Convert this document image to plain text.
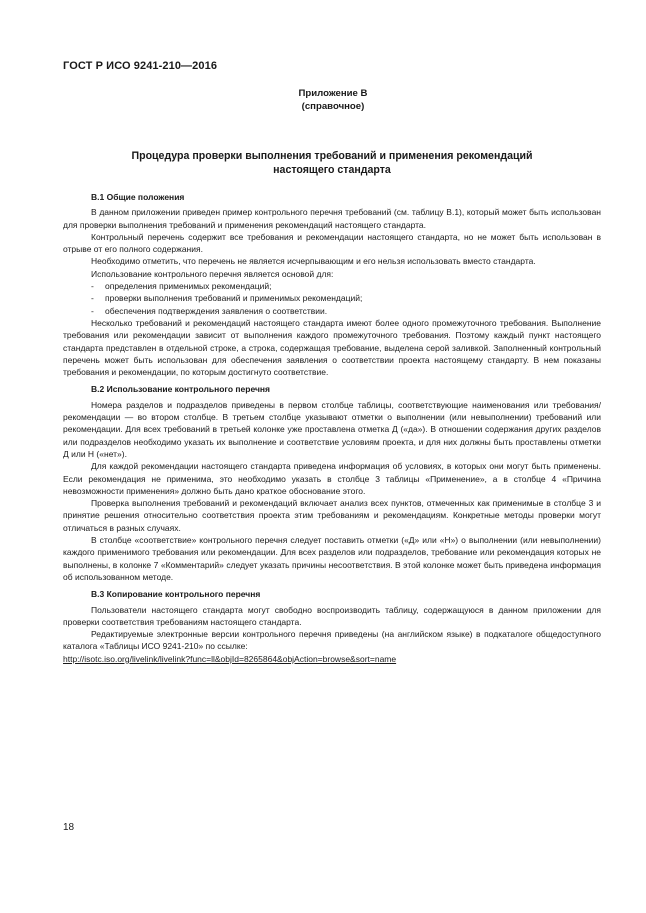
ГОСТ Р ИСО 9241-210—2016
Приложение В
(справочное)
Процедура проверки выполнения требований и применения рекомендаций
настоящего стандарта
В.1 Общие положения

В данном приложении приведен пример контрольного перечня требований (см. таблицу В.1), который может быть использован для проверки выполнения требований и применения рекомендаций настоящего стандарта.

Контрольный перечень содержит все требования и рекомендации настоящего стандарта, но не может быть использован в отрыве от его полного содержания.

Необходимо отметить, что перечень не является исчерпывающим и его нельзя использовать вместо стандарта.

Использование контрольного перечня является основой для:

- определения применимых рекомендаций;
- проверки выполнения требований и применимых рекомендаций;
- обеспечения подтверждения заявления о соответствии.

Несколько требований и рекомендаций настоящего стандарта имеют более одного промежуточного требования. Выполнение требования или рекомендации зависит от выполнения каждого промежуточного требования. Поэтому каждый пункт настоящего стандарта представлен в отдельной строке, а строка, содержащая требование, выделена серой заливкой. Заполненный контрольный перечень может быть использован для обеспечения заявления о соответствии проекта настоящему стандарту. В нем показаны требования и рекомендации, по которым достигнуто соответствие.

В.2 Использование контрольного перечня

Номера разделов и подразделов приведены в первом столбце таблицы, соответствующие наименования или требования/рекомендации — во втором столбце. В третьем столбце указывают отметки о выполнении (или невыполнении) требований или рекомендации. Для всех требований в третьей колонке уже проставлена отметка Д («да»). В отношении содержания других разделов или подразделов необходимо указать их выполнение и соответствие условиям проекта, и для них должны быть проставлены отметки Д или Н («нет»).

Для каждой рекомендации настоящего стандарта приведена информация об условиях, в которых они могут быть применены. Если рекомендация не применима, это необходимо указать в столбце 3 таблицы «Применение», а в столбце 4 «Причина невозможности применения» должно быть дано краткое обоснование этого.

Проверка выполнения требований и рекомендаций включает анализ всех пунктов, отмеченных как применимые в столбце 3 и принятие решения относительно соответствия проекта этим требованиям и рекомендациям. Конкретные методы проверки могут отличаться в разных случаях.

В столбце «соответствие» контрольного перечня следует поставить отметки («Д» или «Н») о выполнении (или невыполнении) каждого применимого требования или рекомендации. Для всех разделов или подразделов, требование или рекомендация которых не выполнены, в колонке 7 «Комментарий» следует указать причины несоответствия. В этой колонке может быть приведена информация об использованном методе.

В.3 Копирование контрольного перечня

Пользователи настоящего стандарта могут свободно воспроизводить таблицу, содержащуюся в данном приложении для проверки соответствия требованиям настоящего стандарта.

Редактируемые электронные версии контрольного перечня приведены (на английском языке) в подкаталоге общедоступного каталога «Таблицы ИСО 9241-210» по ссылке:

http://isotc.iso.org/livelink/livelink?func=ll&objId=8265864&objAction=browse&sort=name

18
